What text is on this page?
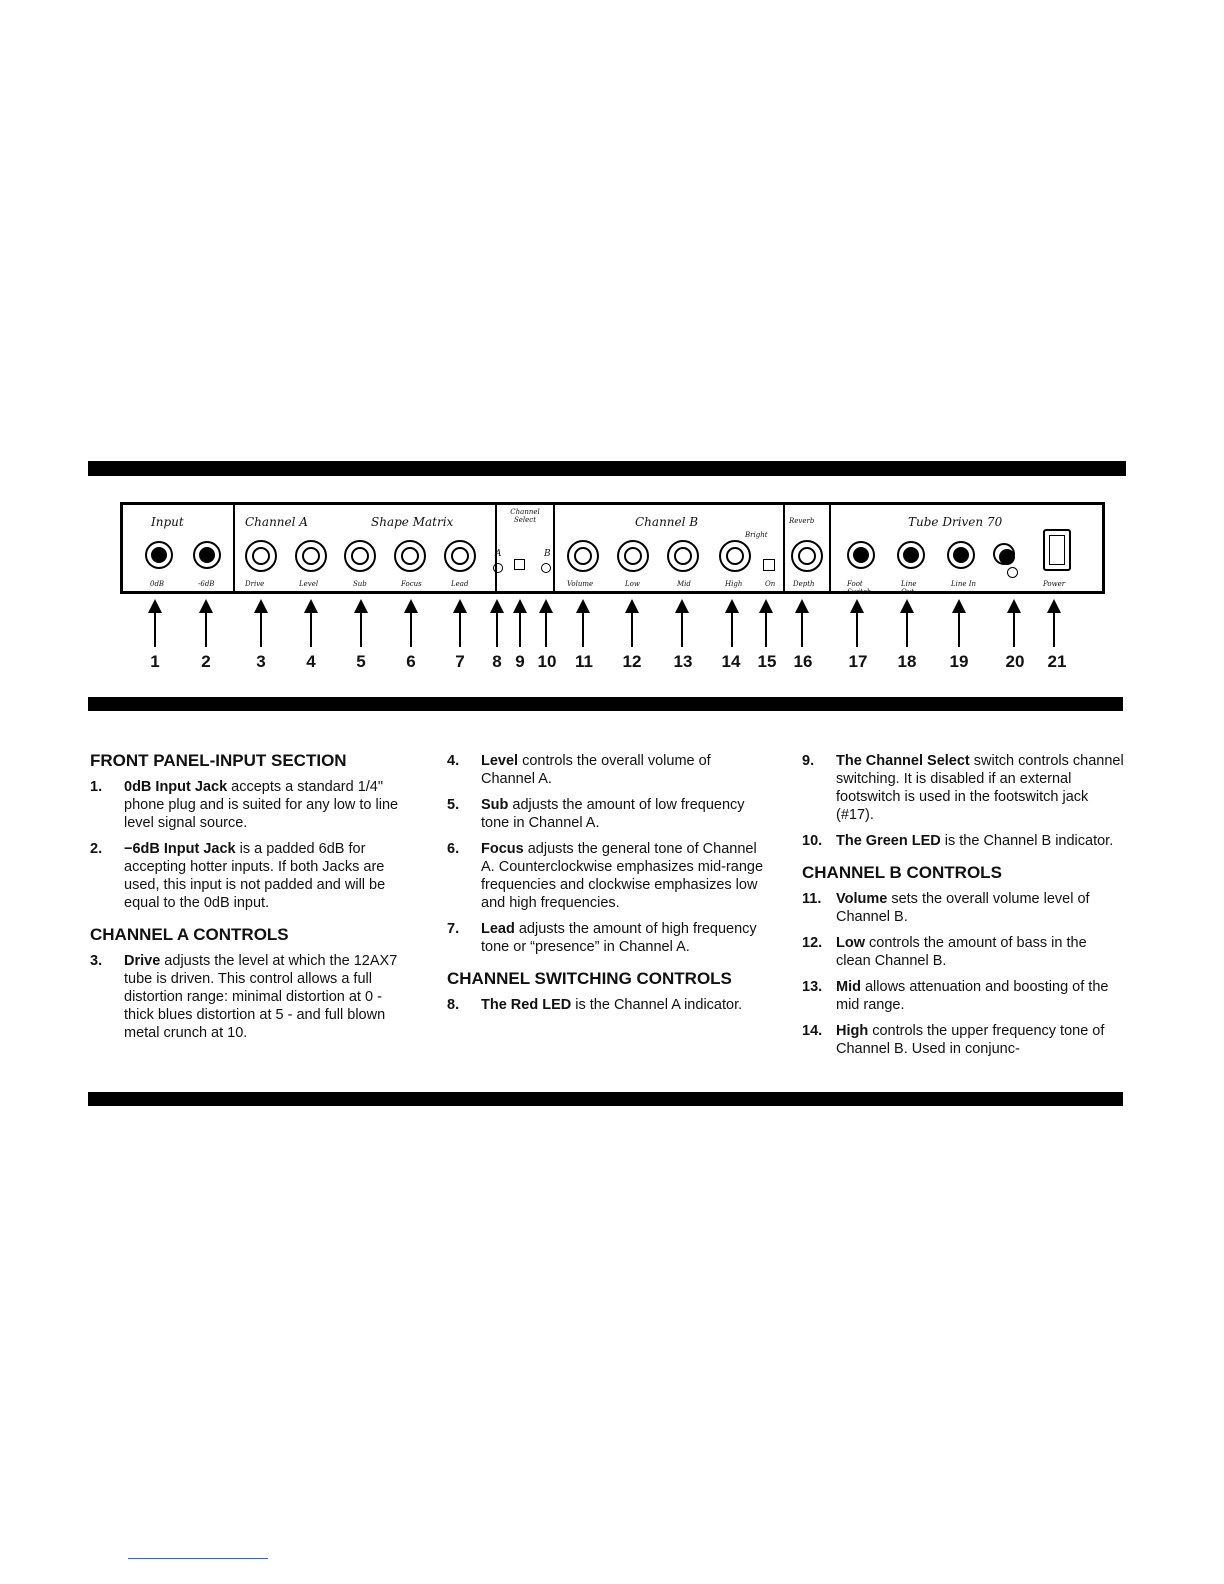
Input	Channel A	Shape Matrix
Channel Select	Channel B
Bright
Reverb	Tube Driven 70
0dB	-6dB	Drive	Level	Sub	Focus	Lead
A	B
Volume	Low	Mid	High	On	Depth	Foot Switch
Line Out
Line In	Power
1 2	3 4 5 6 7 8 9 10 11 12 13 14 15 16 17 18 19 20 21
FRONT PANEL-INPUT SECTION
1. 0dB Input Jack accepts a standard 1/4" phone plug and is suited for any low to line level signal source.
2. −6dB Input Jack is a padded 6dB for accepting hotter inputs. If both Jacks are used, this input is not padded and will be equal to the 0dB input.
CHANNEL A CONTROLS
3. Drive adjusts the level at which the 12AX7 tube is driven. This control allows a full distortion range: minimal distortion at 0 - thick blues distortion at 5 - and full blown metal crunch at 10.
4. Level controls the overall volume of Channel A.
5. Sub adjusts the amount of low frequency tone in Channel A.
6. Focus adjusts the general tone of Channel A. Counterclockwise emphasizes mid-range frequencies and clockwise emphasizes low and high frequencies.
7. Lead adjusts the amount of high frequency tone or “presence” in Channel A.
CHANNEL SWITCHING CONTROLS
8. The Red LED is the Channel A indicator.
9. The Channel Select switch controls channel switching. It is disabled if an external footswitch is used in the footswitch jack (#17).
10. The Green LED is the Channel B indicator.
CHANNEL B CONTROLS
11. Volume sets the overall volume level of Channel B.
12. Low controls the amount of bass in the clean Channel B.
13. Mid allows attenuation and boosting of the mid range.
14. High controls the upper frequency tone of Channel B. Used in conjunc-
